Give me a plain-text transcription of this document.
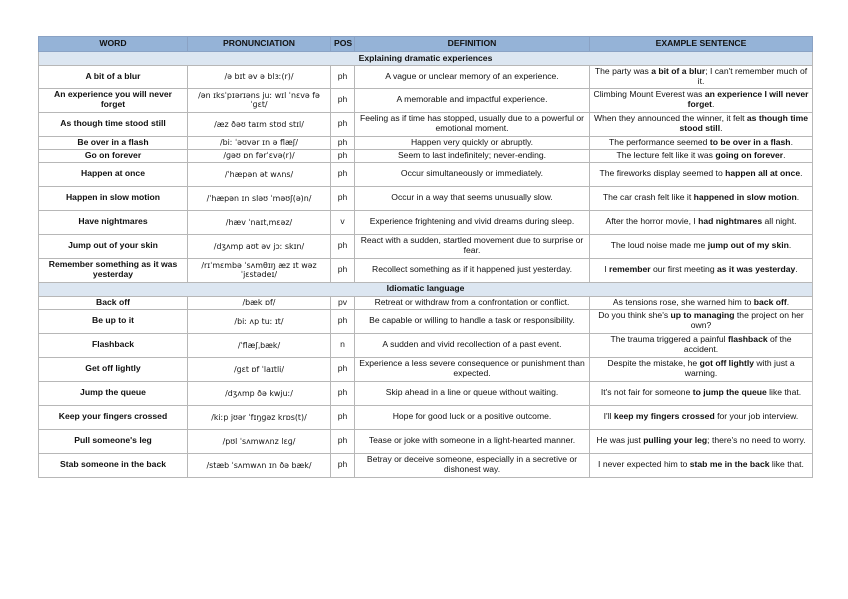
WORD	PRONUNCIATION	POS	DEFINITION	EXAMPLE SENTENCE
Explaining dramatic experiences				
A bit of a blur	/ə bɪt əv ə blɜː(r)/	ph	A vague or unclear memory of an experience.	The party was a bit of a blur; I can't remember much of it.
An experience you will never forget	/ən ɪksˈpɪərɪəns juː wɪl ˈnɛvə fəˈɡɛt/	ph	A memorable and impactful experience.	Climbing Mount Everest was an experience I will never forget.
As though time stood still	/æz ðəʊ taɪm stʊd stɪl/	ph	Feeling as if time has stopped, usually due to a powerful or emotional moment.	When they announced the winner, it felt as though time stood still.
Be over in a flash	/biː ˈəʊvər ɪn ə flæʃ/	ph	Happen very quickly or abruptly.	The performance seemed to be over in a flash.
Go on forever	/ɡəʊ ɒn fərˈɛvə(r)/	ph	Seem to last indefinitely; never-ending.	The lecture felt like it was going on forever.
Happen at once	/ˈhæpən ət wʌns/	ph	Occur simultaneously or immediately.	The fireworks display seemed to happen all at once.
Happen in slow motion	/ˈhæpən ɪn sləʊ ˈməʊʃ(ə)n/	ph	Occur in a way that seems unusually slow.	The car crash felt like it happened in slow motion.
Have nightmares	/hæv ˈnaɪtˌmɛəz/	v	Experience frightening and vivid dreams during sleep.	After the horror movie, I had nightmares all night.
Jump out of your skin	/dʒʌmp aʊt əv jɔː skɪn/	ph	React with a sudden, startled movement due to surprise or fear.	The loud noise made me jump out of my skin.
Remember something as it was yesterday	/rɪˈmɛmbə ˈsʌmθɪŋ æz ɪt wəz ˈjɛstədeɪ/	ph	Recollect something as if it happened just yesterday.	I remember our first meeting as it was yesterday.
Idiomatic language				
Back off	/bæk ɒf/	pv	Retreat or withdraw from a confrontation or conflict.	As tensions rose, she warned him to back off.
Be up to it	/biː ʌp tuː ɪt/	ph	Be capable or willing to handle a task or responsibility.	Do you think she's up to managing the project on her own?
Flashback	/ˈflæʃˌbæk/	n	A sudden and vivid recollection of a past event.	The trauma triggered a painful flashback of the accident.
Get off lightly	/ɡɛt ɒf ˈlaɪtli/	ph	Experience a less severe consequence or punishment than expected.	Despite the mistake, he got off lightly with just a warning.
Jump the queue	/dʒʌmp ðə kwjuː/	ph	Skip ahead in a line or queue without waiting.	It's not fair for someone to jump the queue like that.
Keep your fingers crossed	/kiːp jʊər ˈfɪŋɡəz krɒs(t)/	ph	Hope for good luck or a positive outcome.	I'll keep my fingers crossed for your job interview.
Pull someone's leg	/pʊl ˈsʌmwʌnz lɛɡ/	ph	Tease or joke with someone in a light-hearted manner.	He was just pulling your leg; there's no need to worry.
Stab someone in the back	/stæb ˈsʌmwʌn ɪn ðə bæk/	ph	Betray or deceive someone, especially in a secretive or dishonest way.	I never expected him to stab me in the back like that.
